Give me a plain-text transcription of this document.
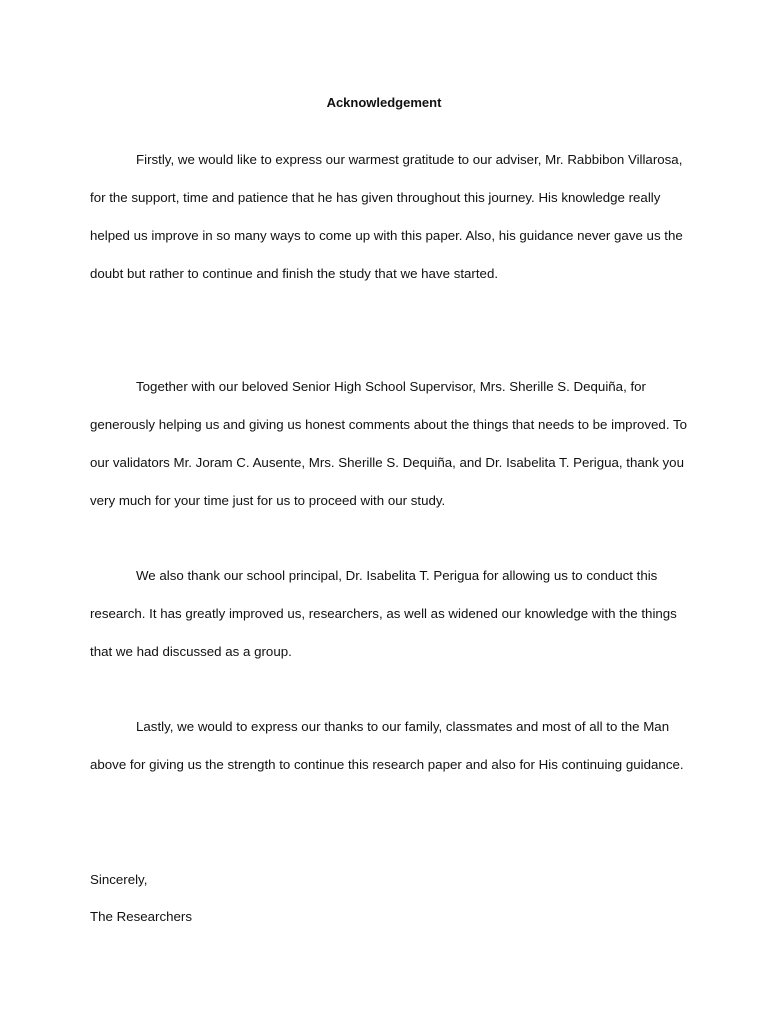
Acknowledgement

Firstly, we would like to express our warmest gratitude to our adviser, Mr. Rabbibon Villarosa, for the support, time and patience that he has given throughout this journey. His knowledge really helped us improve in so many ways to come up with this paper. Also, his guidance never gave us the doubt but rather to continue and finish the study that we have started.

Together with our beloved Senior High School Supervisor, Mrs. Sherille S. Dequiña, for generously helping us and giving us honest comments about the things that needs to be improved. To our validators Mr. Joram C. Ausente, Mrs. Sherille S. Dequiña, and Dr. Isabelita T. Perigua, thank you very much for your time just for us to proceed with our study.

We also thank our school principal, Dr. Isabelita T. Perigua for allowing us to conduct this research. It has greatly improved us, researchers, as well as widened our knowledge with the things that we had discussed as a group.

Lastly, we would to express our thanks to our family, classmates and most of all to the Man above for giving us the strength to continue this research paper and also for His continuing guidance.

Sincerely,
The Researchers
